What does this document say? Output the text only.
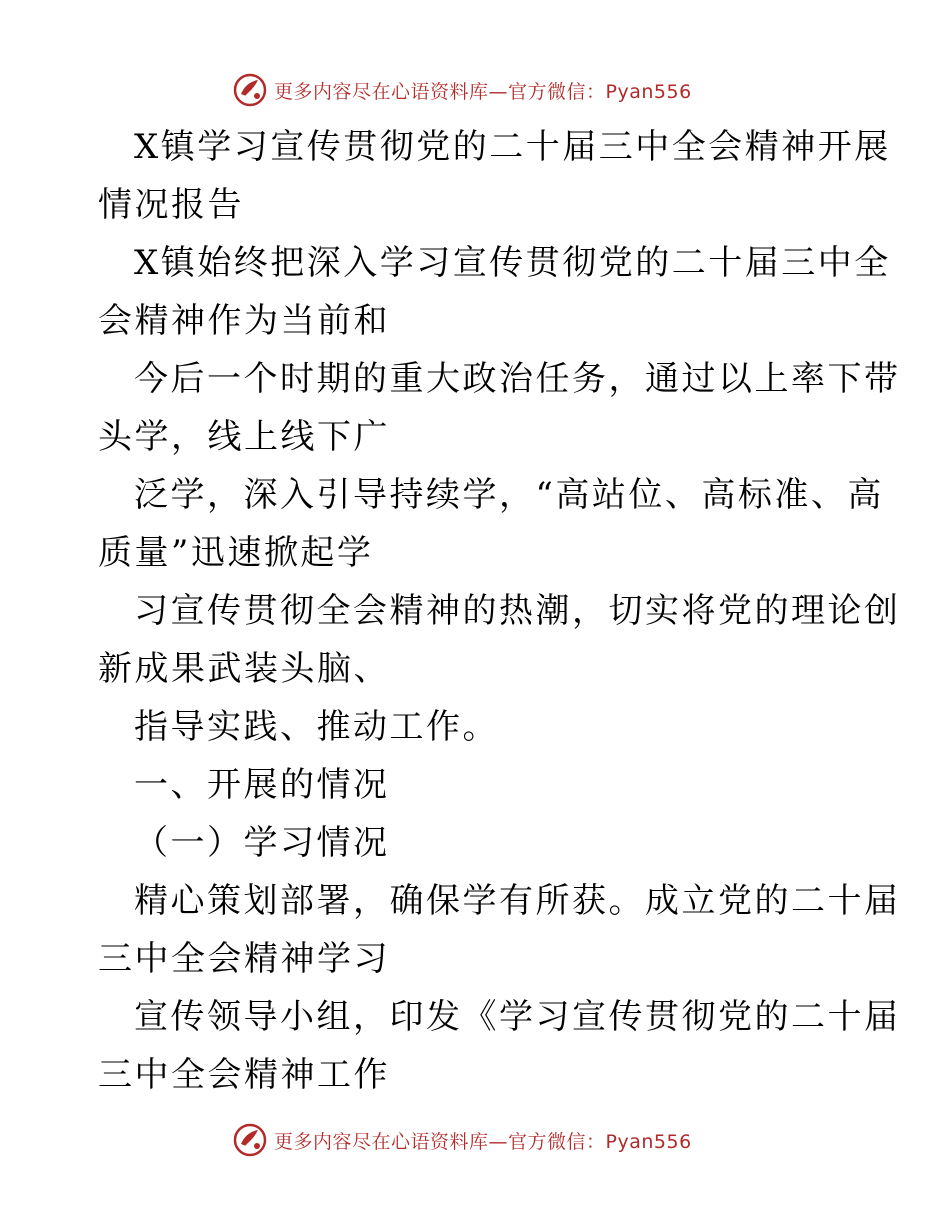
更多内容尽在心语资料库—官方微信：Pyan556
X镇学习宣传贯彻党的二十届三中全会精神开展
情况报告
X镇始终把深入学习宣传贯彻党的二十届三中全
会精神作为当前和
今后一个时期的重大政治任务，通过以上率下带
头学，线上线下广
泛学，深入引导持续学，“高站位、高标准、高
质量”迅速掀起学
习宣传贯彻全会精神的热潮，切实将党的理论创
新成果武装头脑、
指导实践、推动工作。
一、开展的情况
（一）学习情况
精心策划部署，确保学有所获。成立党的二十届
三中全会精神学习
宣传领导小组，印发《学习宣传贯彻党的二十届
三中全会精神工作
更多内容尽在心语资料库—官方微信：Pyan556
